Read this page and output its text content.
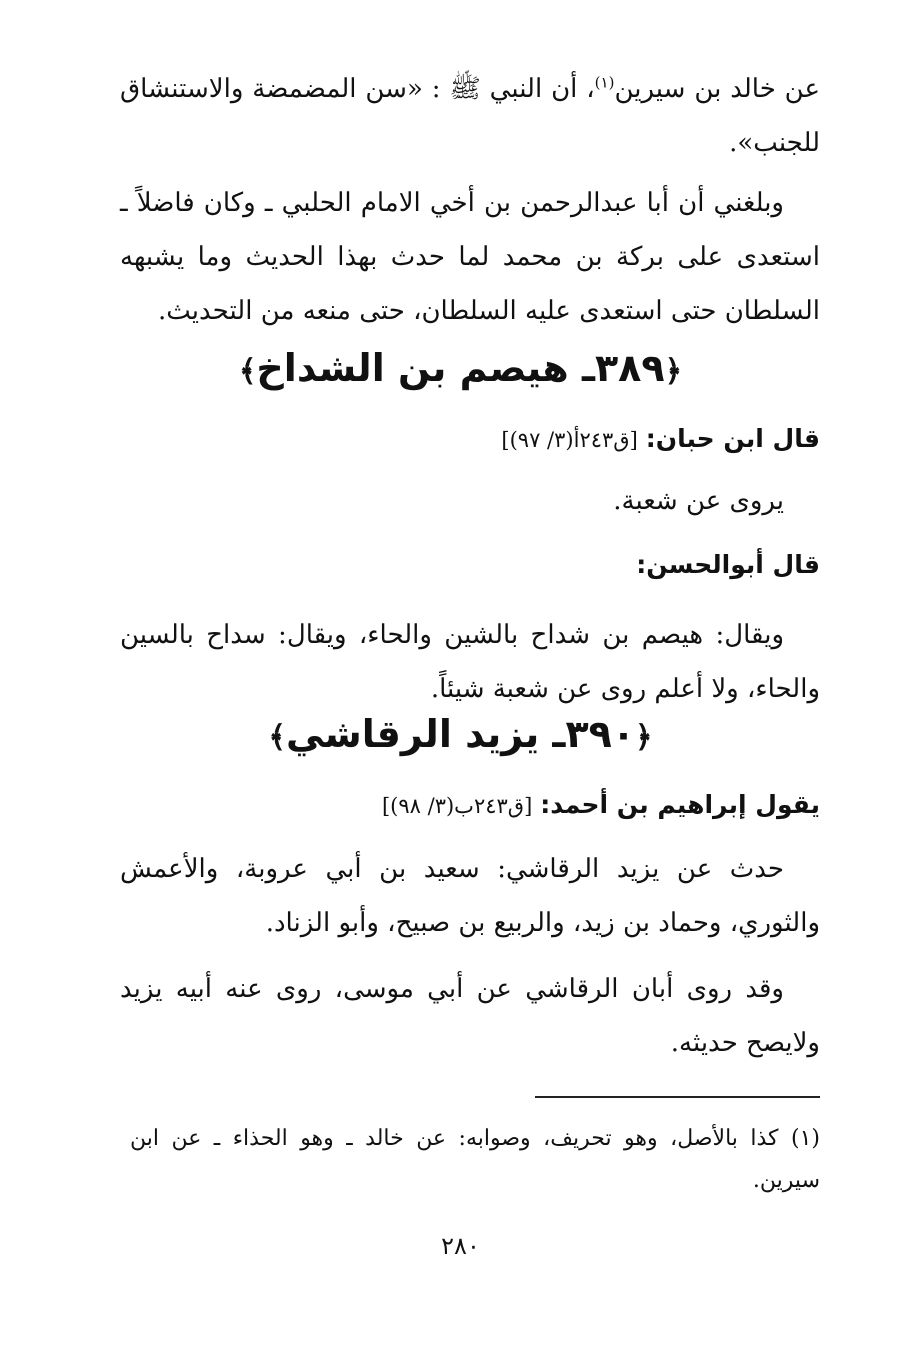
عن خالد بن سيرين$^{(١)}$، أن النبي ﷺ : «سن المضمضة والاستنشاق للجنب».

وبلغني أن أبا عبدالرحمن بن أخي الامام الحلبي ـ وكان فاضلاً ـ استعدى على بركة بن محمد لما حدث بهذا الحديث وما يشبهه السلطان حتى استعدى عليه السلطان، حتى منعه من التحديث.

﴿٣٨٩ـ هيصم بن الشداخ﴾

قال ابن حبان: [ق٢٤٣أ(٣/ ٩٧)]

يروى عن شعبة.

قال أبوالحسن:

ويقال: هيصم بن شداح بالشين والحاء، ويقال: سداح بالسين والحاء، ولا أعلم روى عن شعبة شيئاً.

﴿٣٩٠ـ يزيد الرقاشي﴾

يقول إبراهيم بن أحمد: [ق٢٤٣ب(٣/ ٩٨)]

حدث عن يزيد الرقاشي: سعيد بن أبي عروبة، والأعمش والثوري، وحماد بن زيد، والربيع بن صبيح، وأبو الزناد.

وقد روى أبان الرقاشي عن أبي موسى، روى عنه أبيه يزيد ولايصح حديثه.

(١) كذا بالأصل، وهو تحريف، وصوابه: عن خالد ـ وهو الحذاء ـ عن ابن سيرين.

٢٨٠
